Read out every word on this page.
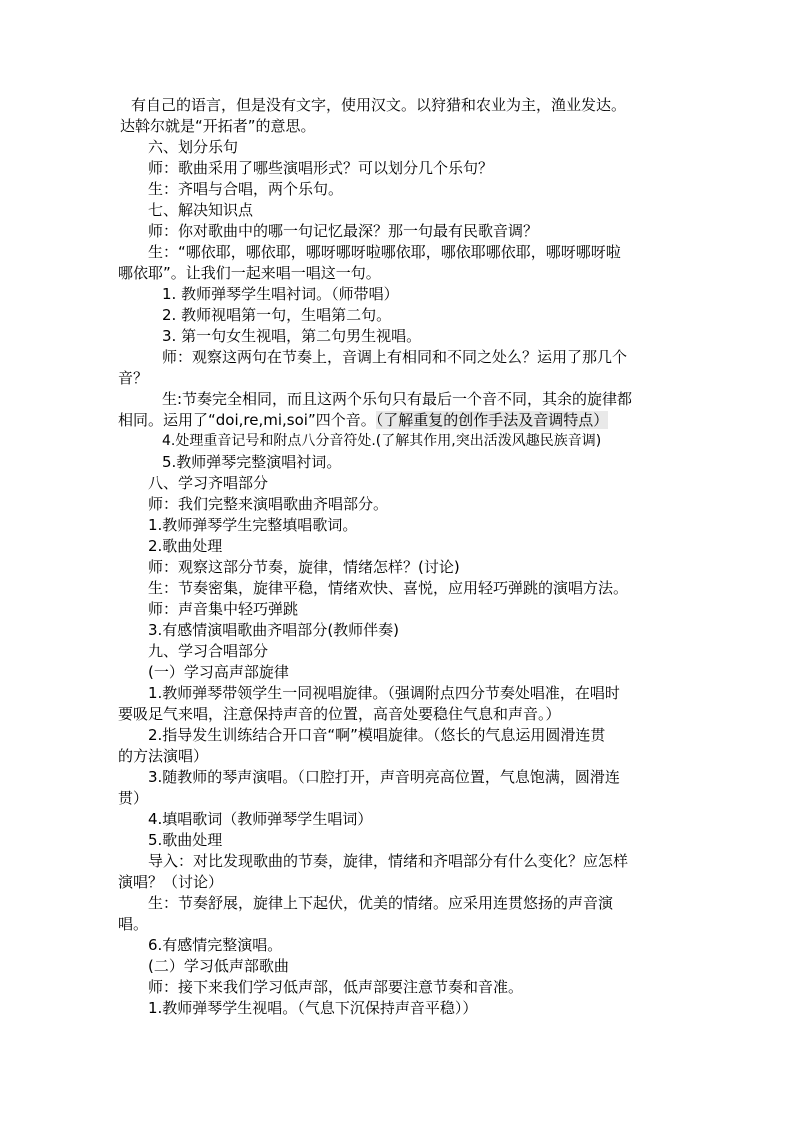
有自己的语言，但是没有文字，使用汉文。以狩猎和农业为主，渔业发达。
达斡尔就是“开拓者”的意思。
六、划分乐句
师：歌曲采用了哪些演唱形式？可以划分几个乐句？
生：齐唱与合唱，两个乐句。
七、解决知识点
师：你对歌曲中的哪一句记忆最深？那一句最有民歌音调？
生：“哪依耶，哪依耶，哪呀哪呀啦哪依耶，哪依耶哪依耶，哪呀哪呀啦
哪依耶”。让我们一起来唱一唱这一句。
1. 教师弹琴学生唱衬词。（师带唱）
2. 教师视唱第一句，生唱第二句。
3. 第一句女生视唱，第二句男生视唱。
师：观察这两句在节奏上，音调上有相同和不同之处么？运用了那几个
音？
生:节奏完全相同，而且这两个乐句只有最后一个音不同，其余的旋律都
相同。运用了“doi,re,mi,soi”四个音。（了解重复的创作手法及音调特点）
4.处理重音记号和附点八分音符处.(了解其作用,突出活泼风趣民族音调)
5.教师弹琴完整演唱衬词。
八、学习齐唱部分
师：我们完整来演唱歌曲齐唱部分。
1.教师弹琴学生完整填唱歌词。
2.歌曲处理
师：观察这部分节奏，旋律，情绪怎样？(讨论)
生：节奏密集，旋律平稳，情绪欢快、喜悦，应用轻巧弹跳的演唱方法。
师：声音集中轻巧弹跳
3.有感情演唱歌曲齐唱部分(教师伴奏)
九、学习合唱部分
(一）学习高声部旋律
1.教师弹琴带领学生一同视唱旋律。（强调附点四分节奏处唱准，在唱时
要吸足气来唱，注意保持声音的位置，高音处要稳住气息和声音。）
2.指导发生训练结合开口音“啊”模唱旋律。（悠长的气息运用圆滑连贯
的方法演唱）
3.随教师的琴声演唱。（口腔打开，声音明亮高位置，气息饱满，圆滑连
贯）
4.填唱歌词（教师弹琴学生唱词）
5.歌曲处理
导入：对比发现歌曲的节奏，旋律，情绪和齐唱部分有什么变化？应怎样
演唱？（讨论）
生：节奏舒展，旋律上下起伏，优美的情绪。应采用连贯悠扬的声音演
唱。
6.有感情完整演唱。
(二）学习低声部歌曲
师：接下来我们学习低声部，低声部要注意节奏和音准。
1.教师弹琴学生视唱。（气息下沉保持声音平稳））
